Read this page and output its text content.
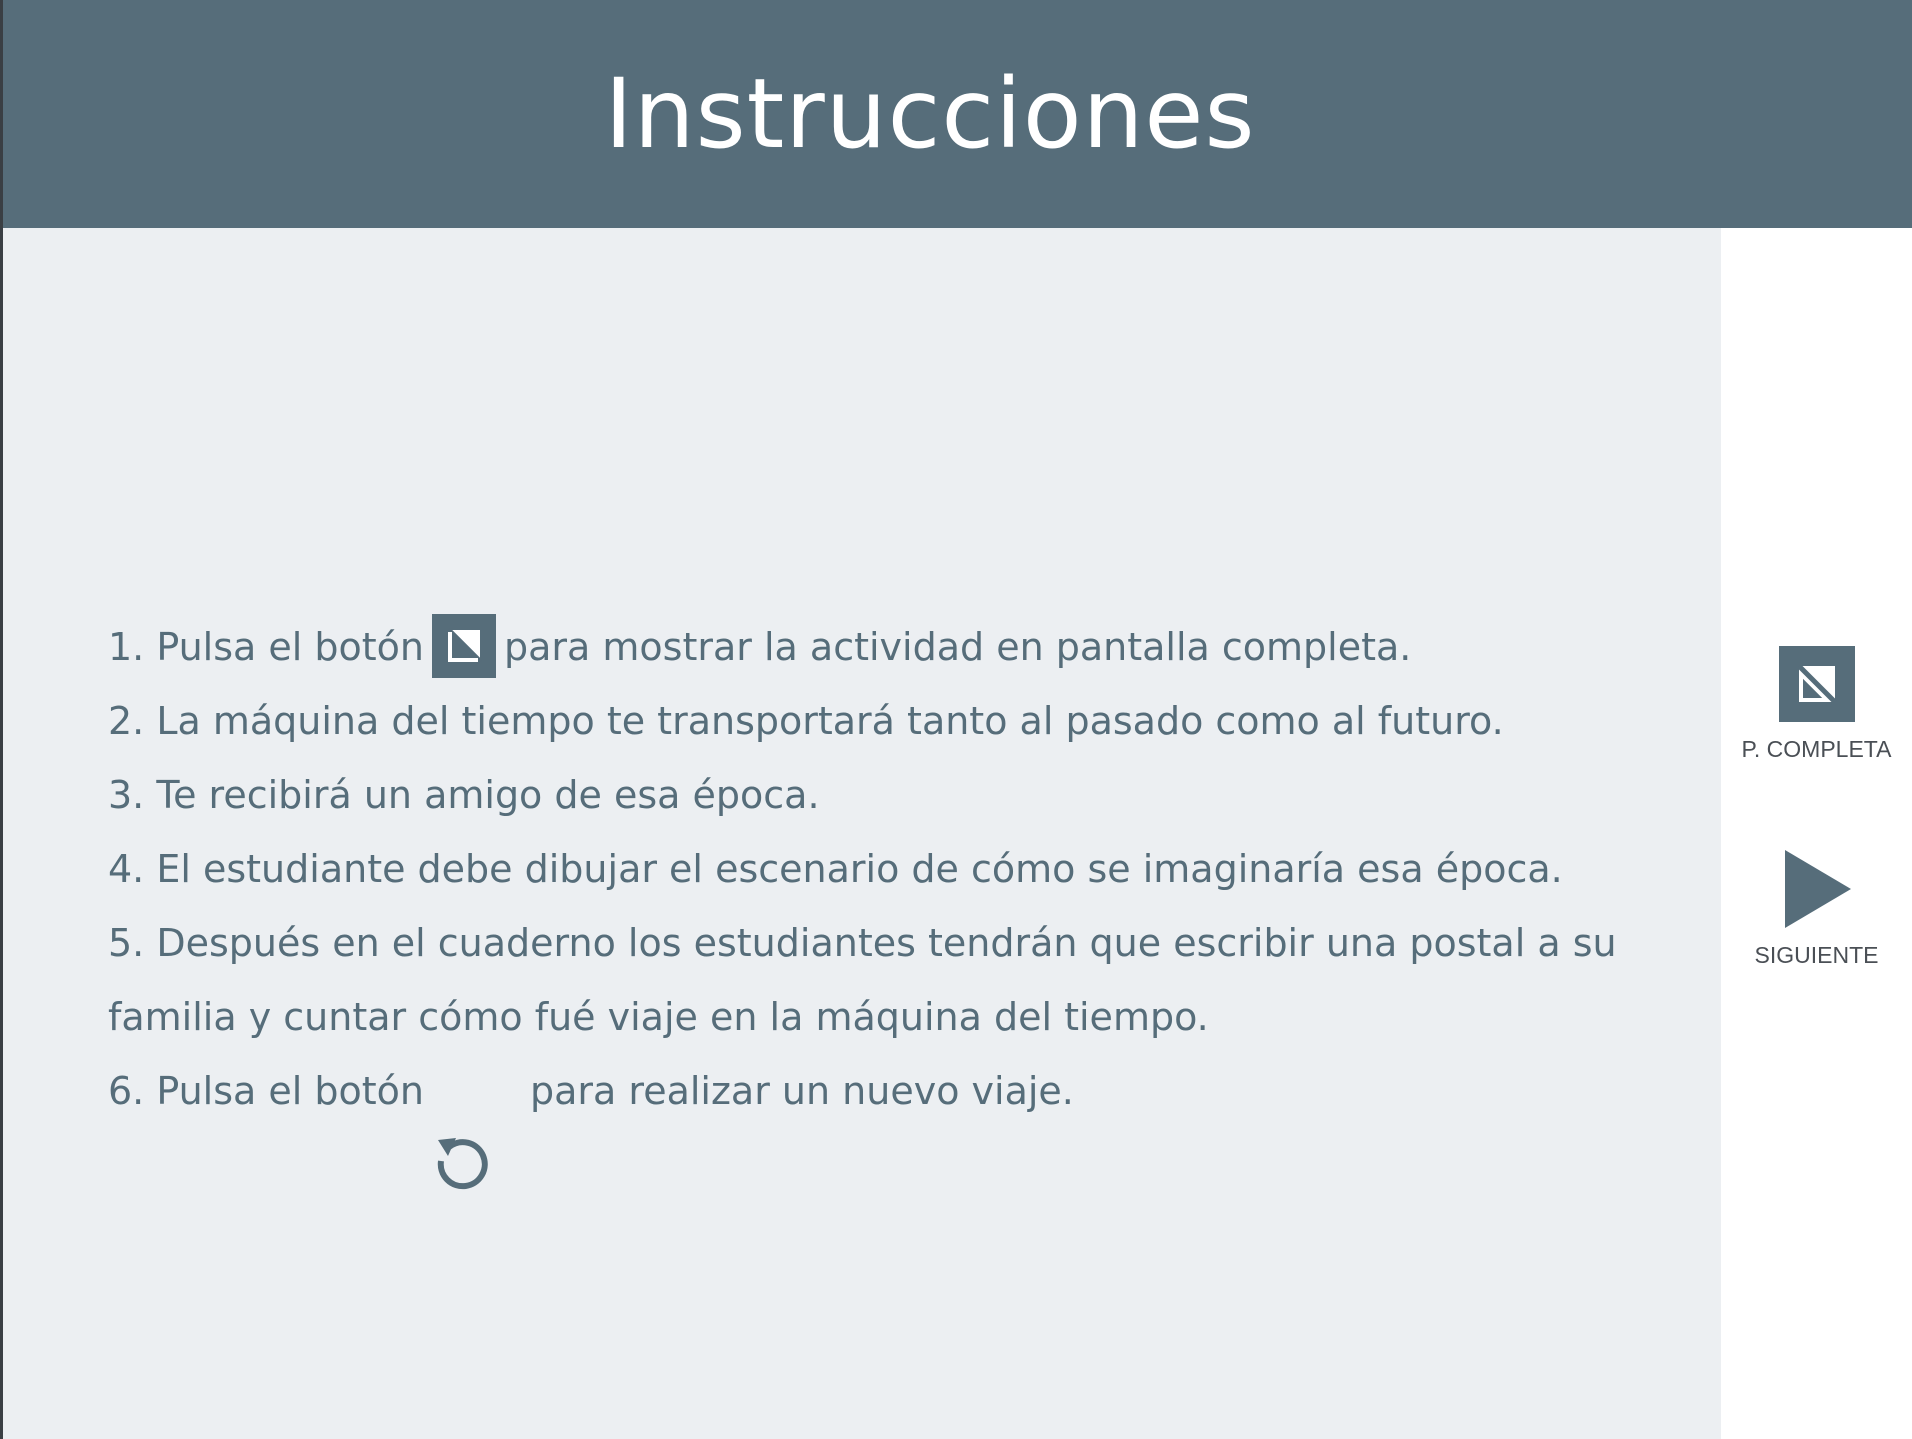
Instrucciones
1. Pulsa el botón para mostrar la actividad en pantalla completa.
2. La máquina del tiempo te transportará tanto al pasado como al futuro.
3. Te recibirá un amigo de esa época.
4. El estudiante debe dibujar el escenario de cómo se imaginaría esa época.
5. Después en el cuaderno los estudiantes tendrán que escribir una postal a su
familia y cuntar cómo fué viaje en la máquina del tiempo.
6. Pulsa el botón	para realizar un nuevo viaje.
P. COMPLETA
SIGUIENTE
